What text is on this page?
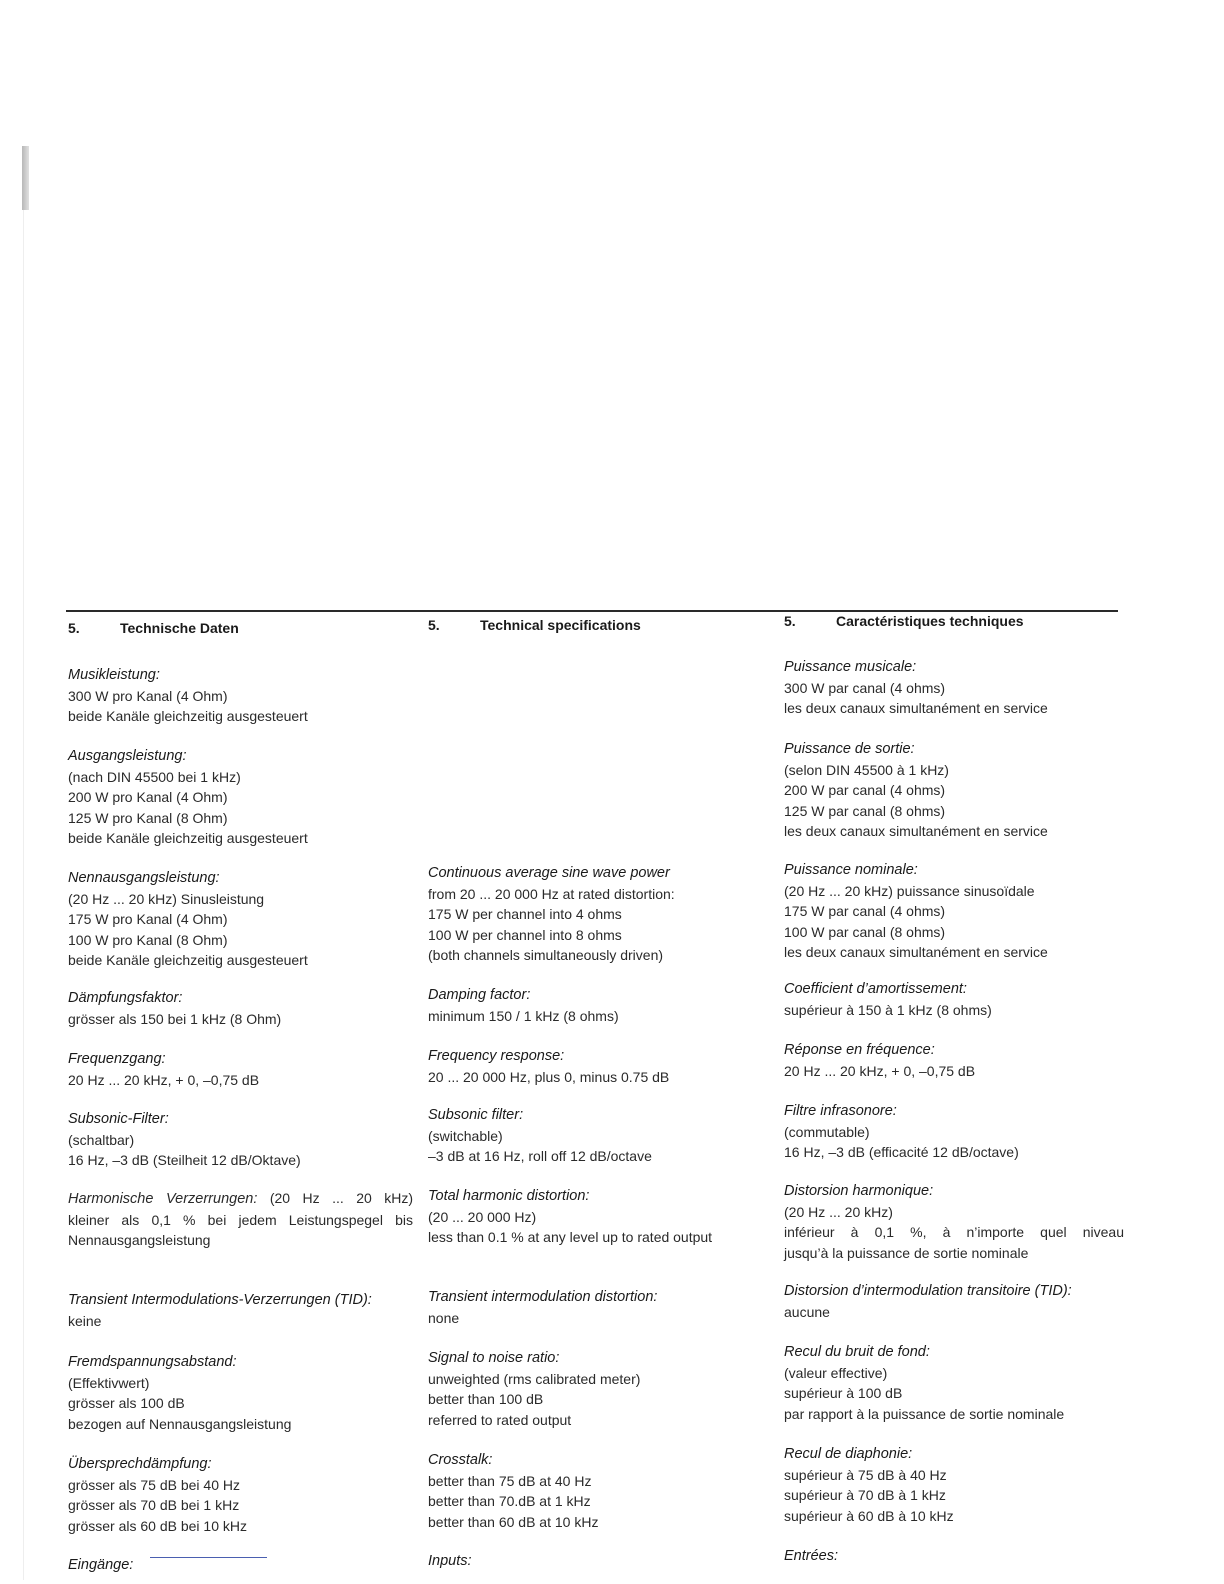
5.	Technische Daten
Musikleistung:
300 W pro Kanal (4 Ohm)
beide Kanäle gleichzeitig ausgesteuert
Ausgangsleistung:
(nach DIN 45500 bei 1 kHz)
200 W pro Kanal (4 Ohm)
125 W pro Kanal (8 Ohm)
beide Kanäle gleichzeitig ausgesteuert
Nennausgangsleistung:
(20 Hz ... 20 kHz) Sinusleistung
175 W pro Kanal (4 Ohm)
100 W pro Kanal (8 Ohm)
beide Kanäle gleichzeitig ausgesteuert
Dämpfungsfaktor:
grösser als 150 bei 1 kHz (8 Ohm)
Frequenzgang:
20 Hz ... 20 kHz, + 0, –0,75 dB
Subsonic-Filter:
(schaltbar)
16 Hz, –3 dB (Steilheit 12 dB/Oktave)
Harmonische Verzerrungen: (20 Hz ... 20 kHz)
kleiner als 0,1 % bei jedem Leistungspegel bis
Nennausgangsleistung
Transient Intermodulations-Verzerrungen (TID):
keine
Fremdspannungsabstand:
(Effektivwert)
grösser als 100 dB
bezogen auf Nennausgangsleistung
Übersprechdämpfung:
grösser als 75 dB bei 40 Hz
grösser als 70 dB bei 1 kHz
grösser als 60 dB bei 10 kHz
Eingänge:
5.	Technical specifications
Continuous average sine wave power
from 20 ... 20 000 Hz at rated distortion:
175 W per channel into 4 ohms
100 W per channel into 8 ohms
(both channels simultaneously driven)
Damping factor:
minimum 150 / 1 kHz (8 ohms)
Frequency response:
20 ... 20 000 Hz, plus 0, minus 0.75 dB
Subsonic filter:
(switchable)
–3 dB at 16 Hz, roll off 12 dB/octave
Total harmonic distortion:
(20 ... 20 000 Hz)
less than 0.1 % at any level up to rated output
Transient intermodulation distortion:
none
Signal to noise ratio:
unweighted (rms calibrated meter)
better than 100 dB
referred to rated output
Crosstalk:
better than 75 dB at 40 Hz
better than 70.dB at 1 kHz
better than 60 dB at 10 kHz
Inputs:
5.	Caractéristiques techniques
Puissance musicale:
300 W par canal (4 ohms)
les deux canaux simultanément en service
Puissance de sortie:
(selon DIN 45500 à 1 kHz)
200 W par canal (4 ohms)
125 W par canal (8 ohms)
les deux canaux simultanément en service
Puissance nominale:
(20 Hz ... 20 kHz) puissance sinusoïdale
175 W par canal (4 ohms)
100 W par canal (8 ohms)
les deux canaux simultanément en service
Coefficient d’amortissement:
supérieur à 150 à 1 kHz (8 ohms)
Réponse en fréquence:
20 Hz ... 20 kHz, + 0, –0,75 dB
Filtre infrasonore:
(commutable)
16 Hz, –3 dB (efficacité 12 dB/octave)
Distorsion harmonique:
(20 Hz ... 20 kHz)
inférieur à 0,1 %, à n’importe quel niveau
jusqu’à la puissance de sortie nominale
Distorsion d’intermodulation transitoire (TID):
aucune
Recul du bruit de fond:
(valeur effective)
supérieur à 100 dB
par rapport à la puissance de sortie nominale
Recul de diaphonie:
supérieur à 75 dB à 40 Hz
supérieur à 70 dB à 1 kHz
supérieur à 60 dB à 10 kHz
Entrées:
